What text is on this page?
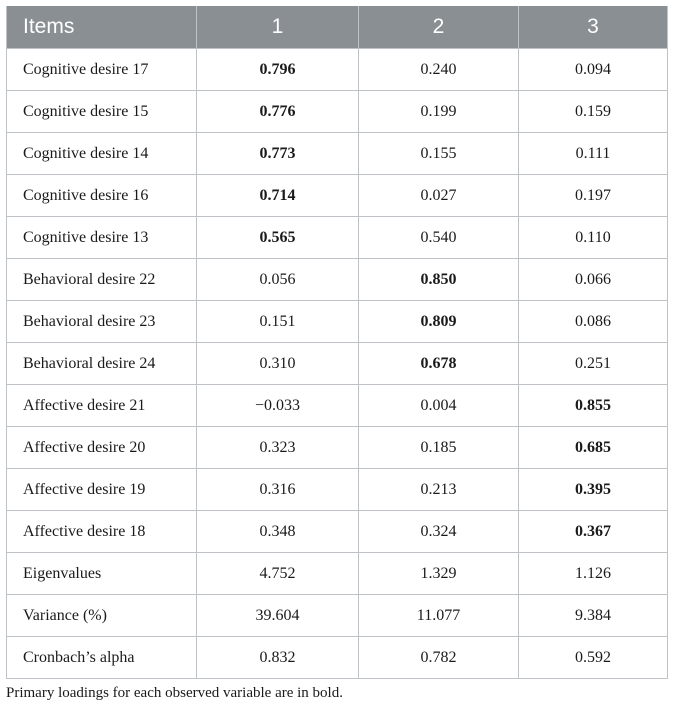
Items	1	2	3
Cognitive desire 17	0.796	0.240	0.094
Cognitive desire 15	0.776	0.199	0.159
Cognitive desire 14	0.773	0.155	0.111
Cognitive desire 16	0.714	0.027	0.197
Cognitive desire 13	0.565	0.540	0.110
Behavioral desire 22	0.056	0.850	0.066
Behavioral desire 23	0.151	0.809	0.086
Behavioral desire 24	0.310	0.678	0.251
Affective desire 21	−0.033	0.004	0.855
Affective desire 20	0.323	0.185	0.685
Affective desire 19	0.316	0.213	0.395
Affective desire 18	0.348	0.324	0.367
Eigenvalues	4.752	1.329	1.126
Variance (%)	39.604	11.077	9.384
Cronbach’s alpha	0.832	0.782	0.592
Primary loadings for each observed variable are in bold.
